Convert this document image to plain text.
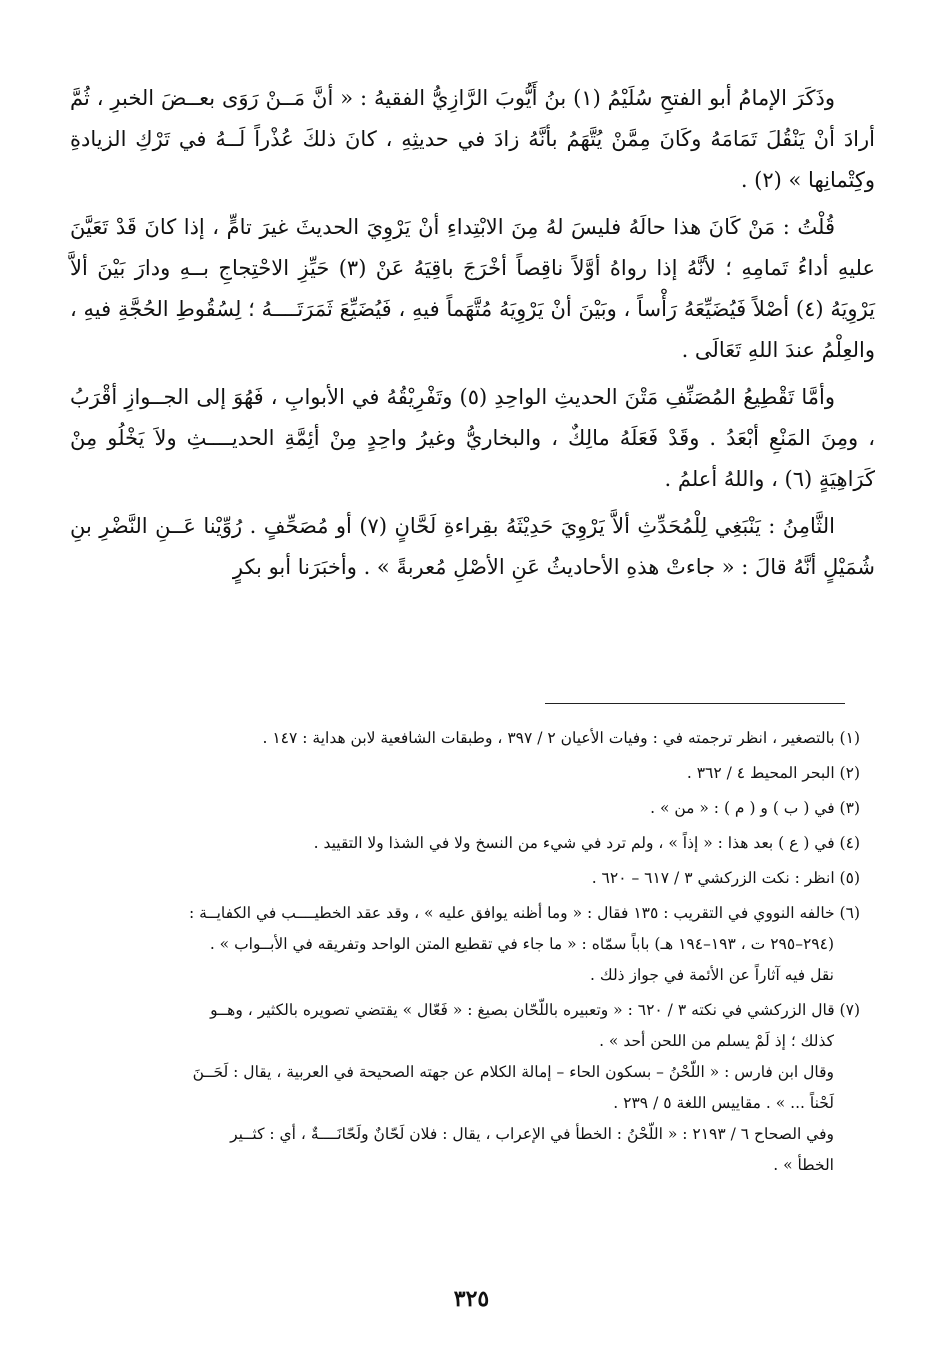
وذَكَرَ الإمامُ أبو الفتحِ سُلَيْمُ (١) بنُ أَيُّوبَ الرَّازِيُّ الفقيهُ : « أنَّ مَــنْ رَوَى بعــضَ الخبرِ ، ثُمَّ أرادَ أنْ يَنْقُلَ تَمَامَهُ وكَانَ مِمَّنْ يُتَّهَمُ بأنَّهُ زادَ في حديثِهِ ، كانَ ذلكَ عُذْراً لَــهُ في تَرْكِ الزيادةِ وكِتْمانِها » (٢) .

قُلْتُ : مَنْ كَانَ هذا حالَهُ فليسَ لهُ مِنَ الابْتِداءِ أنْ يَرْوِيَ الحديثَ غيرَ تامٍّ ، إذا كانَ قَدْ تَعَيَّنَ عليهِ أداءُ تَمامِهِ ؛ لأنَّهُ إذا رواهُ أوَّلاً ناقِصاً أخْرَجَ باقِيَهُ عَنْ (٣) حَيِّزِ الاحْتِجاجِ بــهِ ودارَ بَيْنَ ألاَّ يَرْوِيَهُ (٤) أصْلاً فَيُضَيِّعَهُ رَأْساً ، وبَيْنَ أنْ يَرْوِيَهُ مُتَّهَماً فيهِ ، فَيُضَيِّعَ ثَمَرَتَــــهُ ؛ لِسُقُوطِ الحُجَّةِ فيهِ ، والعِلْمُ عندَ اللهِ تَعَالَى .

وأمَّا تَقْطِيعُ المُصَنِّفِ مَتْنَ الحديثِ الواحِدِ (٥) وتَفْرِيْقُهُ في الأبوابِ ، فَهُوَ إلى الجــوازِ أقْرَبُ ، ومِنَ المَنْعِ أبْعَدُ . وقَدْ فَعَلَهُ مالِكٌ ، والبخاريُّ وغيرُ واحِدٍ مِنْ أئِمَّةِ الحديــــثِ ولاَ يَخْلُو مِنْ كَرَاهِيَةٍ (٦) ، واللهُ أعلمُ .

الثَّامِنُ : يَنْبَغِي لِلْمُحَدِّثِ ألاَّ يَرْوِيَ حَدِيْثَهُ بقِراءةِ لَحَّانٍ (٧) أو مُصَحِّفٍ . رُوِّيْنا عَــنِ النَّضْرِ بنِ شُمَيْلٍ أنَّهُ قالَ : « جاءتْ هذهِ الأحاديثُ عَنِ الأصْلِ مُعربةً » . وأخبَرَنا أبو بكرٍ

(١) بالتصغير ، انظر ترجمته في : وفيات الأعيان ٢ / ٣٩٧ ، وطبقات الشافعية لابن هداية : ١٤٧ .
(٢) البحر المحيط ٤ / ٣٦٢ .
(٣) في ( ب ) و ( م ) : « من » .
(٤) في ( ع ) بعد هذا : « إذاً » ، ولم ترد في شيء من النسخ ولا في الشذا ولا التقييد .
(٥) انظر : نكت الزركشي ٣ / ٦١٧ – ٦٢٠ .
(٦) خالفه النووي في التقريب : ١٣٥ فقال : « وما أظنه يوافق عليه » ، وقد عقد الخطيــــب في الكفايــة :
(٢٩٤–٢٩٥ ت ، ١٩٣–١٩٤ هـ) باباً سمّاه : « ما جاء في تقطيع المتن الواحد وتفريقه في الأبــواب » .
نقل فيه آثاراً عن الأئمة في جواز ذلك .
(٧) قال الزركشي في نكته ٣ / ٦٢٠ : « وتعبيره باللّحّان بصيغ : « فَعّال » يقتضي تصويره بالكثير ، وهــو
كذلك ؛ إذ لَمْ يسلم من اللحن أحد » .
وقال ابن فارس : « اللّحْنُ – بسكون الحاء – إمالة الكلام عن جهته الصحيحة في العربية ، يقال : لَحَــنَ
لَحْناً ... » . مقاييس اللغة ٥ / ٢٣٩ .
وفي الصحاح ٦ / ٢١٩٣ : « اللّحْنُ : الخطأ في الإعراب ، يقال : فلان لَحّانٌ ولَحّانَــــةٌ ، أي : كثــير
الخطأ » .
٣٢٥
